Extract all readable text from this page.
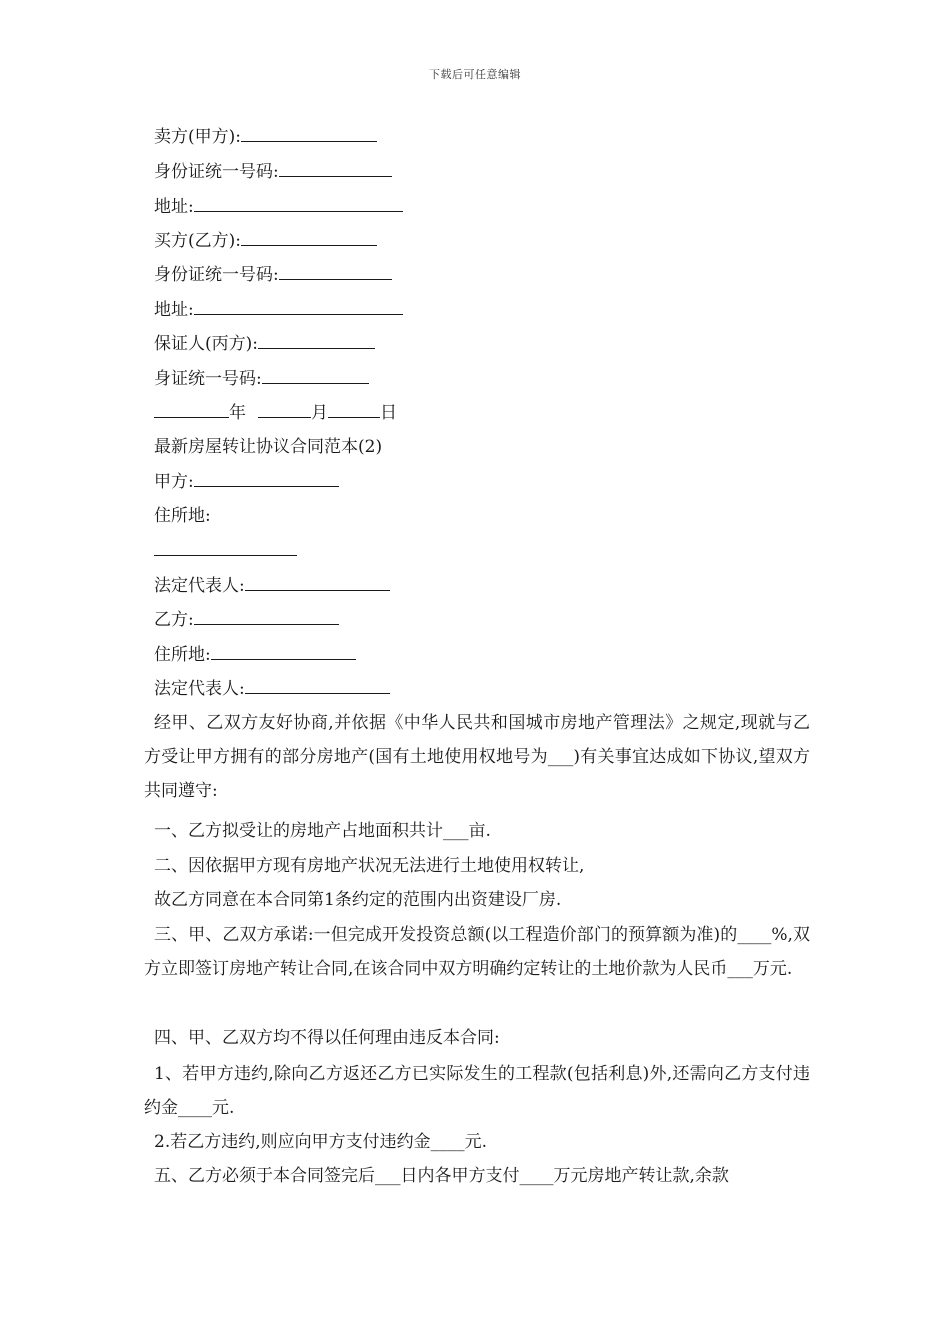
下载后可任意编辑
卖方(甲方):
身份证统一号码:
地址:
买方(乙方):
身份证统一号码:
地址:
保证人(丙方):
身证统一号码:
年	月	日
最新房屋转让协议合同范本(2)
甲方:
住所地:
法定代表人:
乙方:
住所地:
法定代表人:
经甲、乙双方友好协商,并依据《中华人民共和国城市房地产管理法》之规定,现就与乙方受让甲方拥有的部分房地产(国有土地使用权地号为___)有关事宜达成如下协议,望双方共同遵守:
一、乙方拟受让的房地产占地面积共计___亩.
二、因依据甲方现有房地产状况无法进行土地使用权转让,
故乙方同意在本合同第1条约定的范围内出资建设厂房.
三、甲、乙双方承诺:一但完成开发投资总额(以工程造价部门的预算额为准)的____%,双方立即签订房地产转让合同,在该合同中双方明确约定转让的土地价款为人民币___万元.
四、甲、乙双方均不得以任何理由违反本合同:
1、若甲方违约,除向乙方返还乙方已实际发生的工程款(包括利息)外,还需向乙方支付违约金____元.
2.若乙方违约,则应向甲方支付违约金____元.
五、乙方必须于本合同签完后___日内各甲方支付____万元房地产转让款,余款
